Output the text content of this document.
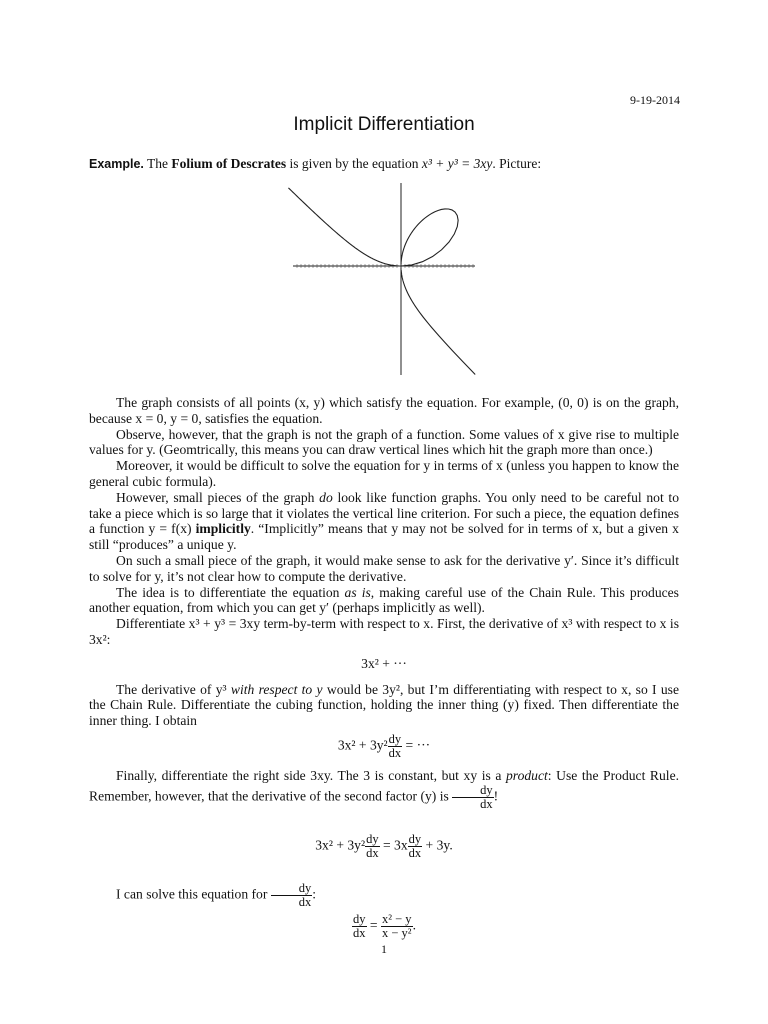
9-19-2014
Implicit Differentiation
Example. The Folium of Descrates is given by the equation x³ + y³ = 3xy. Picture:

The graph consists of all points (x, y) which satisfy the equation. For example, (0, 0) is on the graph, because x = 0, y = 0, satisfies the equation.

Observe, however, that the graph is not the graph of a function. Some values of x give rise to multiple values for y. (Geomtrically, this means you can draw vertical lines which hit the graph more than once.)

Moreover, it would be difficult to solve the equation for y in terms of x (unless you happen to know the general cubic formula).

However, small pieces of the graph do look like function graphs. You only need to be careful not to take a piece which is so large that it violates the vertical line criterion. For such a piece, the equation defines a function y = f(x) implicitly. “Implicitly” means that y may not be solved for in terms of x, but a given x still “produces” a unique y.

On such a small piece of the graph, it would make sense to ask for the derivative y′. Since it’s difficult to solve for y, it’s not clear how to compute the derivative.

The idea is to differentiate the equation as is, making careful use of the Chain Rule. This produces another equation, from which you can get y′ (perhaps implicitly as well).

Differentiate x³ + y³ = 3xy term-by-term with respect to x. First, the derivative of x³ with respect to x is 3x²:

3x² + ···

The derivative of y³ with respect to y would be 3y², but I’m differentiating with respect to x, so I use the Chain Rule. Differentiate the cubing function, holding the inner thing (y) fixed. Then differentiate the inner thing. I obtain

$3x^2 + 3y^2 \frac{dy}{dx}$ = ···

Finally, differentiate the right side 3xy. The 3 is constant, but xy is a product: Use the Product Rule. Remember, however, that the derivative of the second factor (y) is $\frac{dy}{dx}$ !

$3x^2 + 3y^2 \frac{dy}{dx} = 3x \frac{dy}{dx} + 3y$.

I can solve this equation for $\frac{dy}{dx}$ :

$\frac{dy}{dx} = \frac{\text{x² − y}}{\text{x − y²}}$ .

1
